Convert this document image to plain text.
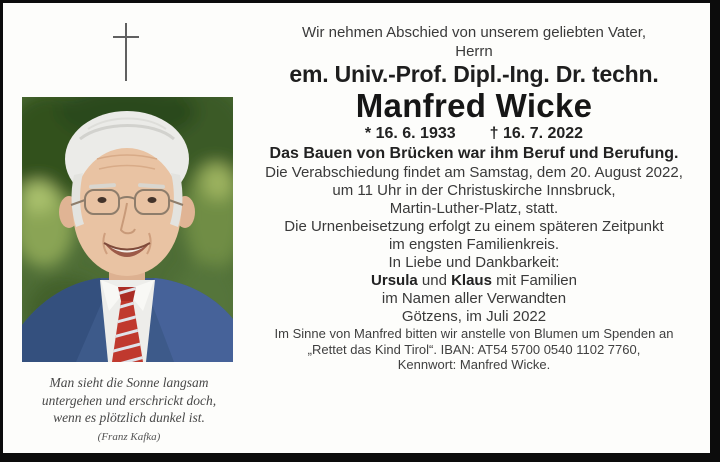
Man sieht die Sonne langsam
untergehen und erschrickt doch,
wenn es plötzlich dunkel ist.
(Franz Kafka)
Wir nehmen Abschied von unserem geliebten Vater,
Herrn
em. Univ.-Prof. Dipl.-Ing. Dr. techn.
Manfred Wicke
* 16. 6. 1933 † 16. 7. 2022
Das Bauen von Brücken war ihm Beruf und Berufung.
Die Verabschiedung findet am Samstag, dem 20. August 2022,
um 11 Uhr in der Christuskirche Innsbruck,
Martin-Luther-Platz, statt.
Die Urnenbeisetzung erfolgt zu einem späteren Zeitpunkt
im engsten Familienkreis.
In Liebe und Dankbarkeit:
Ursula und Klaus mit Familien
im Namen aller Verwandten
Götzens, im Juli 2022
Im Sinne von Manfred bitten wir anstelle von Blumen um Spenden an
„Rettet das Kind Tirol“. IBAN: AT54 5700 0540 1102 7760,
Kennwort: Manfred Wicke.
